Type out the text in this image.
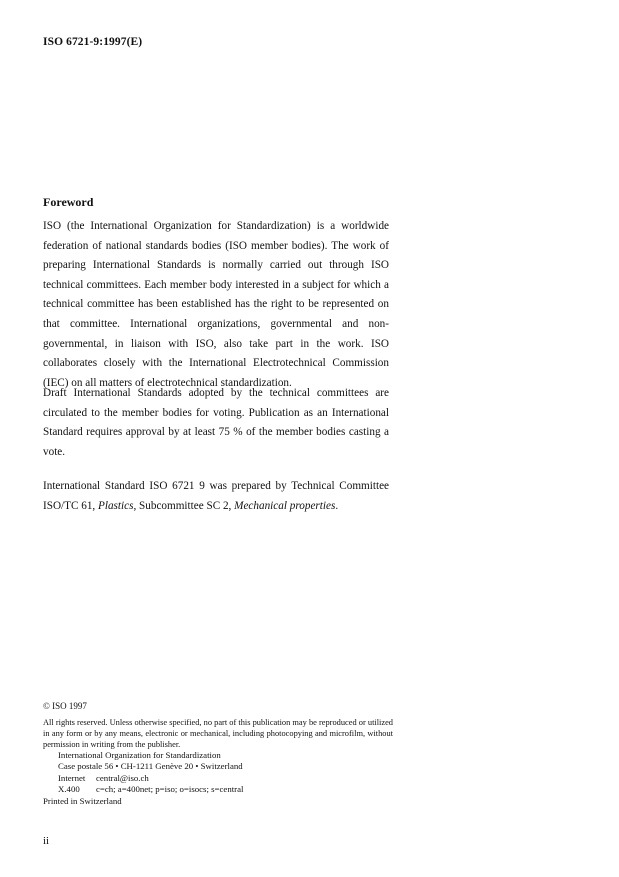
ISO 6721-9:1997(E)
Foreword

ISO (the International Organization for Standardization) is a worldwide federation of national standards bodies (ISO member bodies). The work of preparing International Standards is normally carried out through ISO technical committees. Each member body interested in a subject for which a technical committee has been established has the right to be represented on that committee. International organizations, governmental and non-governmental, in liaison with ISO, also take part in the work. ISO collaborates closely with the International Electrotechnical Commission (IEC) on all matters of electrotechnical standardization.

Draft International Standards adopted by the technical committees are circulated to the member bodies for voting. Publication as an International Standard requires approval by at least 75 % of the member bodies casting a vote.

International Standard ISO 6721 9 was prepared by Technical Committee ISO/TC 61, Plastics, Subcommittee SC 2, Mechanical properties.

© ISO 1997
All rights reserved. Unless otherwise specified, no part of this publication may be reproduced or utilized in any form or by any means, electronic or mechanical, including photocopying and microfilm, without permission in writing from the publisher.
International Organization for Standardization
Case postale 56 • CH-1211 Genève 20 • Switzerland
Internet central@iso.ch
X.400 c=ch; a=400net; p=iso; o=isocs; s=central
Printed in Switzerland
ii
